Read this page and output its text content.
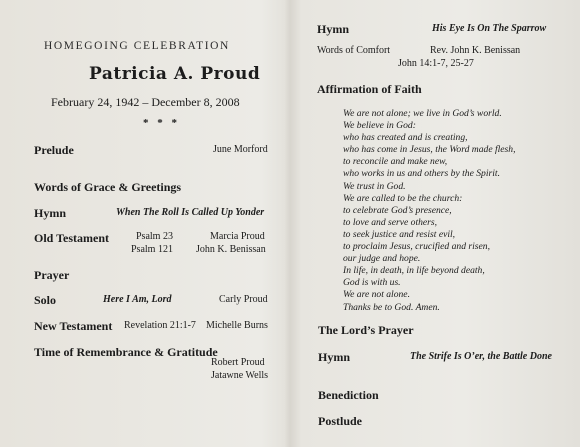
HOMEGOING CELEBRATION
Patricia A. Proud
February 24, 1942 – December 8, 2008
* * *
Prelude	June Morford
Words of Grace & Greetings
Hymn	When The Roll Is Called Up Yonder
Old Testament	Psalm 23	Marcia Proud
Psalm 121 John K. Benissan
Prayer
Solo	Here I Am, Lord	Carly Proud
New Testament Revelation 21:1-7 Michelle Burns
Time of Remembrance & Gratitude
Robert Proud
Jatawne Wells
Hymn	His Eye Is On The Sparrow
Words of Comfort	Rev. John K. Benissan
John 14:1-7, 25-27
Affirmation of Faith
We are not alone; we live in God’s world.
We believe in God:
who has created and is creating,
who has come in Jesus, the Word made flesh,
to reconcile and make new,
who works in us and others by the Spirit.
We trust in God.
We are called to be the church:
to celebrate God’s presence,
to love and serve others,
to seek justice and resist evil,
to proclaim Jesus, crucified and risen,
our judge and hope.
In life, in death, in life beyond death,
God is with us.
We are not alone.
Thanks be to God. Amen.
The Lord’s Prayer
Hymn	The Strife Is O’er, the Battle Done
Benediction
Postlude
